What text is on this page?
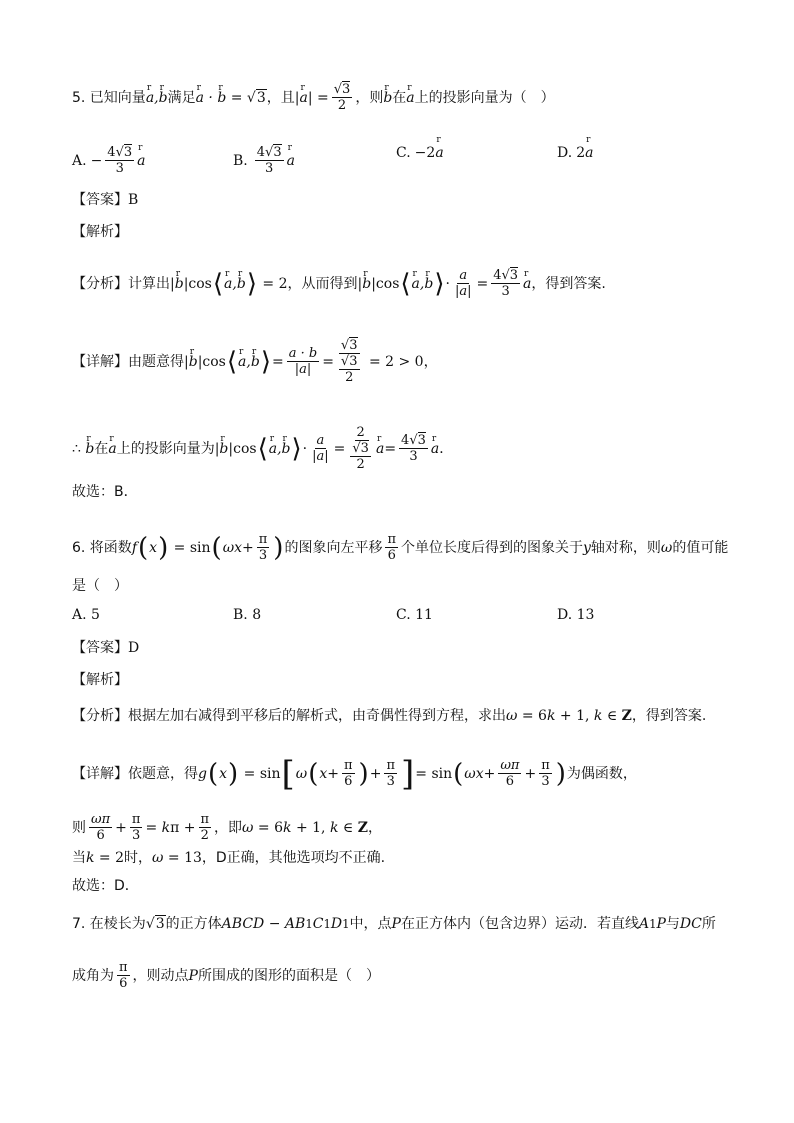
5. 已知向量 r a,r b 满足 r a · r b = √3 ，且 |r $a| = \frac{√3}{2}$ ，则 r b 在 r a 上的投影向量为（　）
A. − $\frac{4√3}{3}$ r a	B. $\frac{4√3}{3}$ r a	C. −2 r a	D. 2 r a
【答案】 B
【解析】
【分析】 计算出 |r b| cos ⟨ r a,r b ⟩ = 2 ，从而得到 |r b| cos ⟨ r a,r b ⟩ · $\frac{a}{|a|} = \frac{4√3}{3}$ r a ，得到答案.
【详解】 由题意得 |r b| cos ⟨ r a,r b ⟩ = $\frac{a \cdot b}{|a|} = \frac{√3}{\frac{√3}{2}} = 2 > 0$ ，
∴
r b 在 r a 上的投影向量为 |r b| cos ⟨ r a,r b ⟩ · $\frac{a}{|a|} = \frac{2}{\frac{√3}{2}}$ r $a = \frac{4√3}{3}$ r a ．
故选：B．
6. 将函数 f ( x ) = sin ( $\omega x + \frac{\pi}{3}$ ) 的图象向左平移 $\frac{\pi}{6}$ 个单位长度后得到的图象关于 y 轴对称，则 ω 的值可能
是（　）
A.
5	B.
8	C.
11	D.
13
【答案】 D
【解析】
【分析】 根据左加右减得到平移后的解析式，由奇偶性得到方程，求出 ω = 6 k + 1, k ∈ Z ，得到答案.
【详解】 依题意，得 g ( x ) = sin [ ω ( $x + \frac{\pi}{6}$ ) + $\frac{\pi}{3}$ ] = sin ( $\omega x + \frac{\omega\pi}{6} + \frac{\pi}{3}$ ) 为偶函数，
则 $\frac{\omega\pi}{6} + \frac{\pi}{3} = k$ $\pi + \frac{\pi}{2}$ ，即 ω = 6 k + 1, k ∈ Z ，
当 k = 2 时， ω = 13 ，D正确，其他选项均不正确.
故选：D．
7. 在棱长为 √3 的正方体 ABCD − AB 1 C 1 D 1 中，点 P 在正方体内（包含边界）运动．若直线 A 1 P 与 DC 所
成角为 $\frac{\pi}{6}$ ，则动点 P 所围成的图形的面积是（　）
